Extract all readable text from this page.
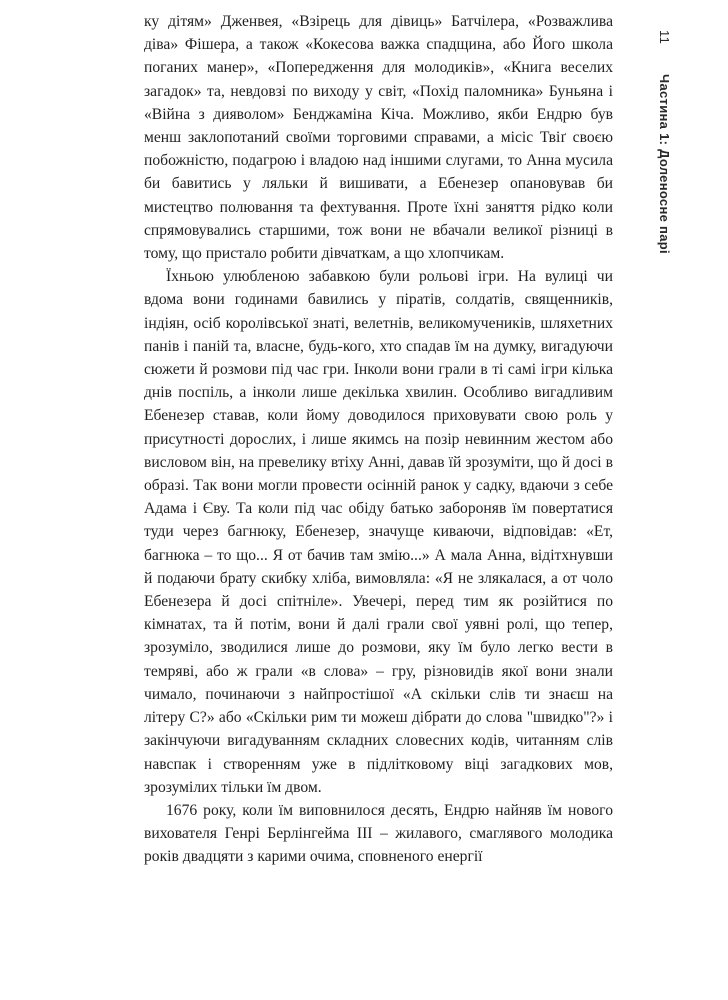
11 Частина 1: Доленосне парі

ку дітям» Дженвея, «Взірець для дівиць» Батчілера, «Розважлива діва» Фішера, а також «Кокесова важка спадщина, або Його школа поганих манер», «Попередження для молодиків», «Книга веселих загадок» та, невдовзі по виходу у світ, «Похід паломника» Буньяна і «Війна з дияволом» Бенджаміна Кіча. Можливо, якби Ендрю був менш заклопотаний своїми торговими справами, а місіс Твіґ своєю побожністю, подагрою і владою над іншими слугами, то Анна мусила би бавитись у ляльки й вишивати, а Ебенезер опановував би мистецтво полювання та фехтування. Проте їхні заняття рідко коли спрямовувались старшими, тож вони не вбачали великої різниці в тому, що пристало робити дівчаткам, а що хлопчикам.

Їхньою улюбленою забавкою були рольові ігри. На вулиці чи вдома вони годинами бавились у піратів, солдатів, священників, індіян, осіб королівської знаті, велетнів, великомучеників, шляхетних панів і паній та, власне, будь-кого, хто спадав їм на думку, вигадуючи сюжети й розмови під час гри. Інколи вони грали в ті самі ігри кілька днів поспіль, а інколи лише декілька хвилин. Особливо вигадливим Ебенезер ставав, коли йому доводилося приховувати свою роль у присутності дорослих, і лише якимсь на позір невинним жестом або висловом він, на превелику втіху Анні, давав їй зрозуміти, що й досі в образі. Так вони могли провести осінній ранок у садку, вдаючи з себе Адама і Єву. Та коли під час обіду батько забороняв їм повертатися туди через багнюку, Ебенезер, значуще киваючи, відповідав: «Ет, багнюка – то що... Я от бачив там змію...» А мала Анна, відітхнувши й подаючи брату скибку хліба, вимовляла: «Я не злякалася, а от чоло Ебенезера й досі спітніле». Увечері, перед тим як розійтися по кімнатах, та й потім, вони й далі грали свої уявні ролі, що тепер, зрозуміло, зводилися лише до розмови, яку їм було легко вести в темряві, або ж грали «в слова» – гру, різновидів якої вони знали чимало, починаючи з найпростішої «А скільки слів ти знаєш на літеру С?» або «Скільки рим ти можеш дібрати до слова "швидко"?» і закінчуючи вигадуванням складних словесних кодів, читанням слів навспак і створенням уже в підлітковому віці загадкових мов, зрозумілих тільки їм двом.

1676 року, коли їм виповнилося десять, Ендрю найняв їм нового вихователя Генрі Берлінгейма III – жилавого, смаглявого молодика років двадцяти з карими очима, сповненого енергії
